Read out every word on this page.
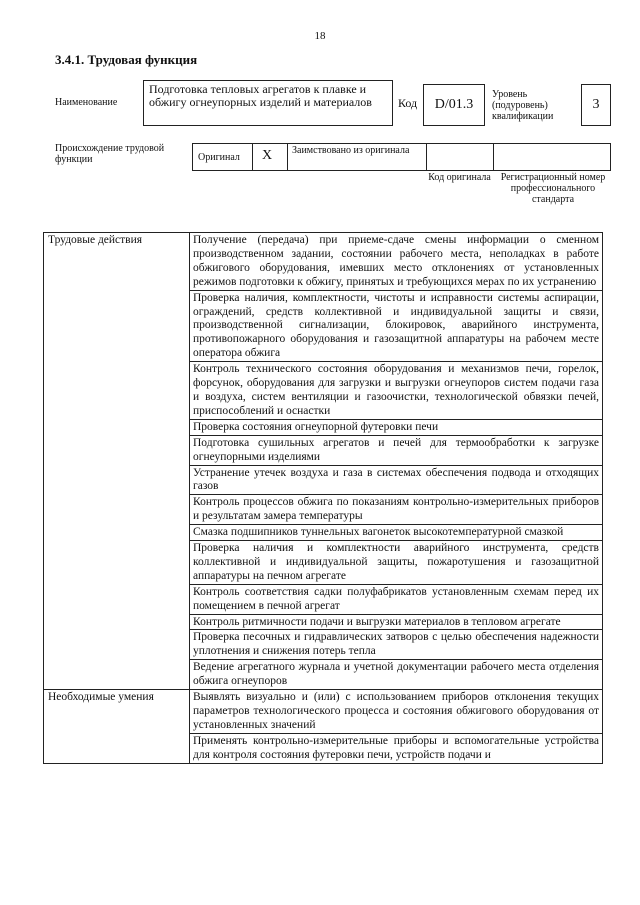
18
3.4.1. Трудовая функция
Наименование
Подготовка тепловых агрегатов к плавке и обжигу огнеупорных изделий и материалов	Код	D/01.3
Уровень (подуровень) квалификации
3
Происхождение трудовой функции	Оригинал X Заимствовано из оригинала
Код оригинала Регистрационный номер профессионального стандарта
Трудовые действия	Получение (передача) при приеме-сдаче смены информации о сменном производственном задании, состоянии рабочего места, неполадках в работе обжигового оборудования, имевших место отклонениях от установленных режимов подготовки к обжигу, принятых и требующихся мерах по их устранению
	Проверка наличия, комплектности, чистоты и исправности системы аспирации, ограждений, средств коллективной и индивидуальной защиты и связи, производственной сигнализации, блокировок, аварийного инструмента, противопожарного оборудования и газозащитной аппаратуры на рабочем месте оператора обжига
	Контроль технического состояния оборудования и механизмов печи, горелок, форсунок, оборудования для загрузки и выгрузки огнеупоров систем подачи газа и воздуха, систем вентиляции и газоочистки, технологической обвязки печей, приспособлений и оснастки
	Проверка состояния огнеупорной футеровки печи
	Подготовка сушильных агрегатов и печей для термообработки к загрузке огнеупорными изделиями
	Устранение утечек воздуха и газа в системах обеспечения подвода и отходящих газов
	Контроль процессов обжига по показаниям контрольно-измерительных приборов и результатам замера температуры
	Смазка подшипников туннельных вагонеток высокотемпературной смазкой
	Проверка наличия и комплектности аварийного инструмента, средств коллективной и индивидуальной защиты, пожаротушения и газозащитной аппаратуры на печном агрегате
	Контроль соответствия садки полуфабрикатов установленным схемам перед их помещением в печной агрегат
	Контроль ритмичности подачи и выгрузки материалов в тепловом агрегате
	Проверка песочных и гидравлических затворов с целью обеспечения надежности уплотнения и снижения потерь тепла
	Ведение агрегатного журнала и учетной документации рабочего места отделения обжига огнеупоров
Необходимые умения	Выявлять визуально и (или) с использованием приборов отклонения текущих параметров технологического процесса и состояния обжигового оборудования от установленных значений
	Применять контрольно-измерительные приборы и вспомогательные устройства для контроля состояния футеровки печи, устройств подачи и
